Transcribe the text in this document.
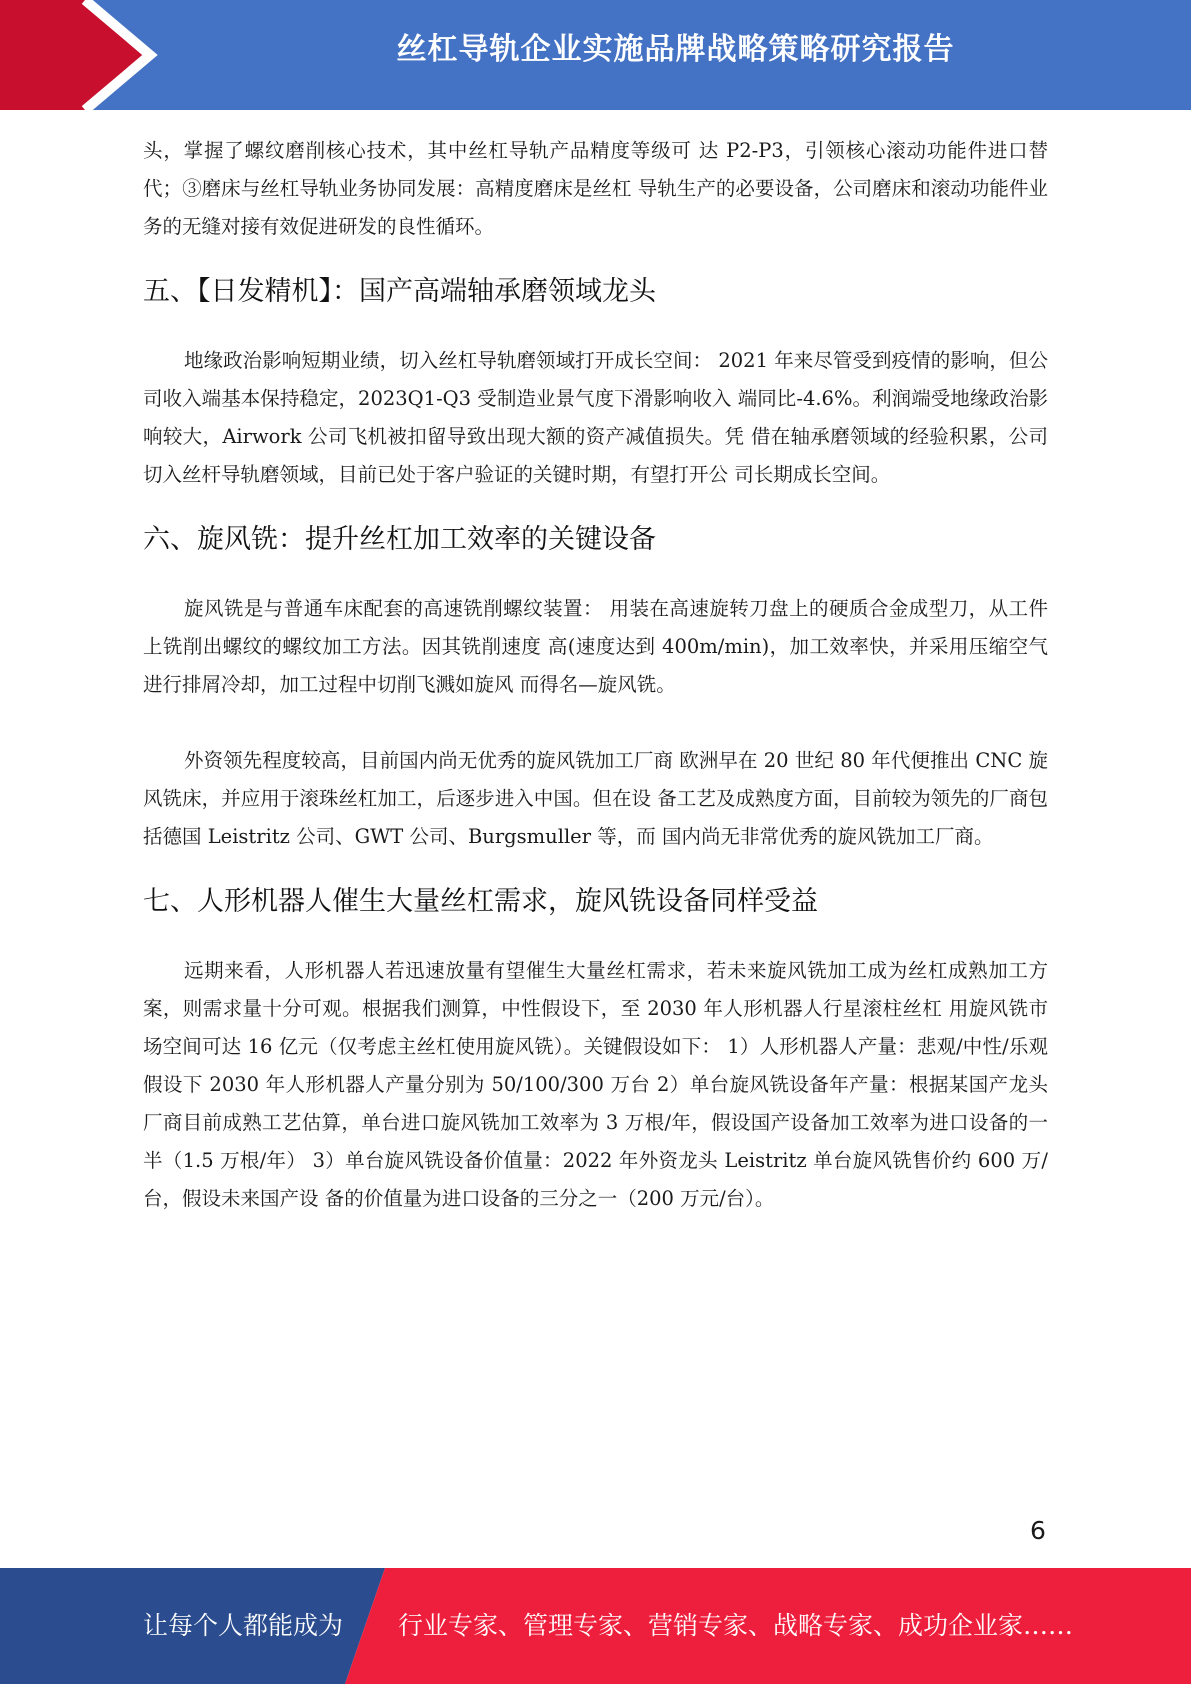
丝杠导轨企业实施品牌战略策略研究报告

头，掌握了螺纹磨削核心技术，其中丝杠导轨产品精度等级可 达 P2-P3，引领核心滚动功能件进口替代；③磨床与丝杠导轨业务协同发展：高精度磨床是丝杠 导轨生产的必要设备，公司磨床和滚动功能件业务的无缝对接有效促进研发的良性循环。

五、【日发精机】：国产高端轴承磨领域龙头

地缘政治影响短期业绩，切入丝杠导轨磨领域打开成长空间： 2021 年来尽管受到疫情的影响，但公司收入端基本保持稳定，2023Q1-Q3 受制造业景气度下滑影响收入 端同比-4.6%。利润端受地缘政治影响较大，Airwork 公司飞机被扣留导致出现大额的资产减值损失。凭 借在轴承磨领域的经验积累，公司切入丝杆导轨磨领域，目前已处于客户验证的关键时期，有望打开公 司长期成长空间。

六、旋风铣：提升丝杠加工效率的关键设备

旋风铣是与普通车床配套的高速铣削螺纹装置： 用装在高速旋转刀盘上的硬质合金成型刀，从工件上铣削出螺纹的螺纹加工方法。因其铣削速度 高(速度达到 400m/min)，加工效率快，并采用压缩空气进行排屑冷却，加工过程中切削飞溅如旋风 而得名—旋风铣。

外资领先程度较高，目前国内尚无优秀的旋风铣加工厂商 欧洲早在 20 世纪 80 年代便推出 CNC 旋风铣床，并应用于滚珠丝杠加工，后逐步进入中国。但在设 备工艺及成熟度方面，目前较为领先的厂商包括德国 Leistritz 公司、GWT 公司、Burgsmuller 等，而 国内尚无非常优秀的旋风铣加工厂商。

七、人形机器人催生大量丝杠需求，旋风铣设备同样受益

远期来看，人形机器人若迅速放量有望催生大量丝杠需求，若未来旋风铣加工成为丝杠成熟加工方案，则需求量十分可观。根据我们测算，中性假设下，至 2030 年人形机器人行星滚柱丝杠 用旋风铣市场空间可达 16 亿元（仅考虑主丝杠使用旋风铣）。关键假设如下： 1）人形机器人产量：悲观/中性/乐观假设下 2030 年人形机器人产量分别为 50/100/300 万台 2）单台旋风铣设备年产量：根据某国产龙头厂商目前成熟工艺估算，单台进口旋风铣加工效率为 3 万根/年，假设国产设备加工效率为进口设备的一半（1.5 万根/年） 3）单台旋风铣设备价值量：2022 年外资龙头 Leistritz 单台旋风铣售价约 600 万/台，假设未来国产设 备的价值量为进口设备的三分之一（200 万元/台）。

6
让每个人都能成为 行业专家、管理专家、营销专家、战略专家、成功企业家……
